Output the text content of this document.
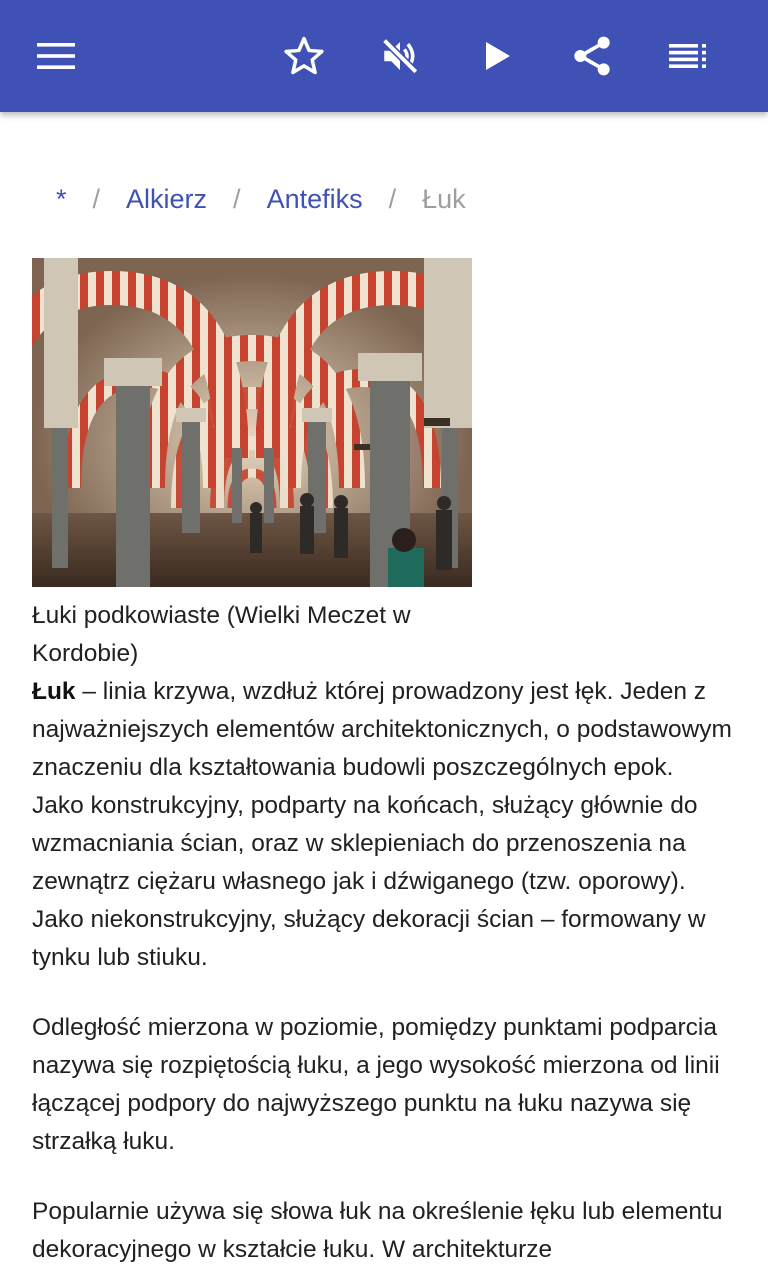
* / Alkierz / Antefiks / Łuk

Łuki podkowiaste (Wielki Meczet w Kordobie)

Łuk – linia krzywa, wzdłuż której prowadzony jest łęk. Jeden z najważniejszych elementów architektonicznych, o podstawowym znaczeniu dla kształtowania budowli poszczególnych epok. Jako konstrukcyjny, podparty na końcach, służący głównie do wzmacniania ścian, oraz w sklepieniach do przenoszenia na zewnątrz ciężaru własnego jak i dźwiganego (tzw. oporowy). Jako niekonstrukcyjny, służący dekoracji ścian – formowany w tynku lub stiuku.

Odległość mierzona w poziomie, pomiędzy punktami podparcia nazywa się rozpiętością łuku, a jego wysokość mierzona od linii łączącej podpory do najwyższego punktu na łuku nazywa się strzałką łuku.

Popularnie używa się słowa łuk na określenie łęku lub elementu dekoracyjnego w kształcie łuku. W architekturze
